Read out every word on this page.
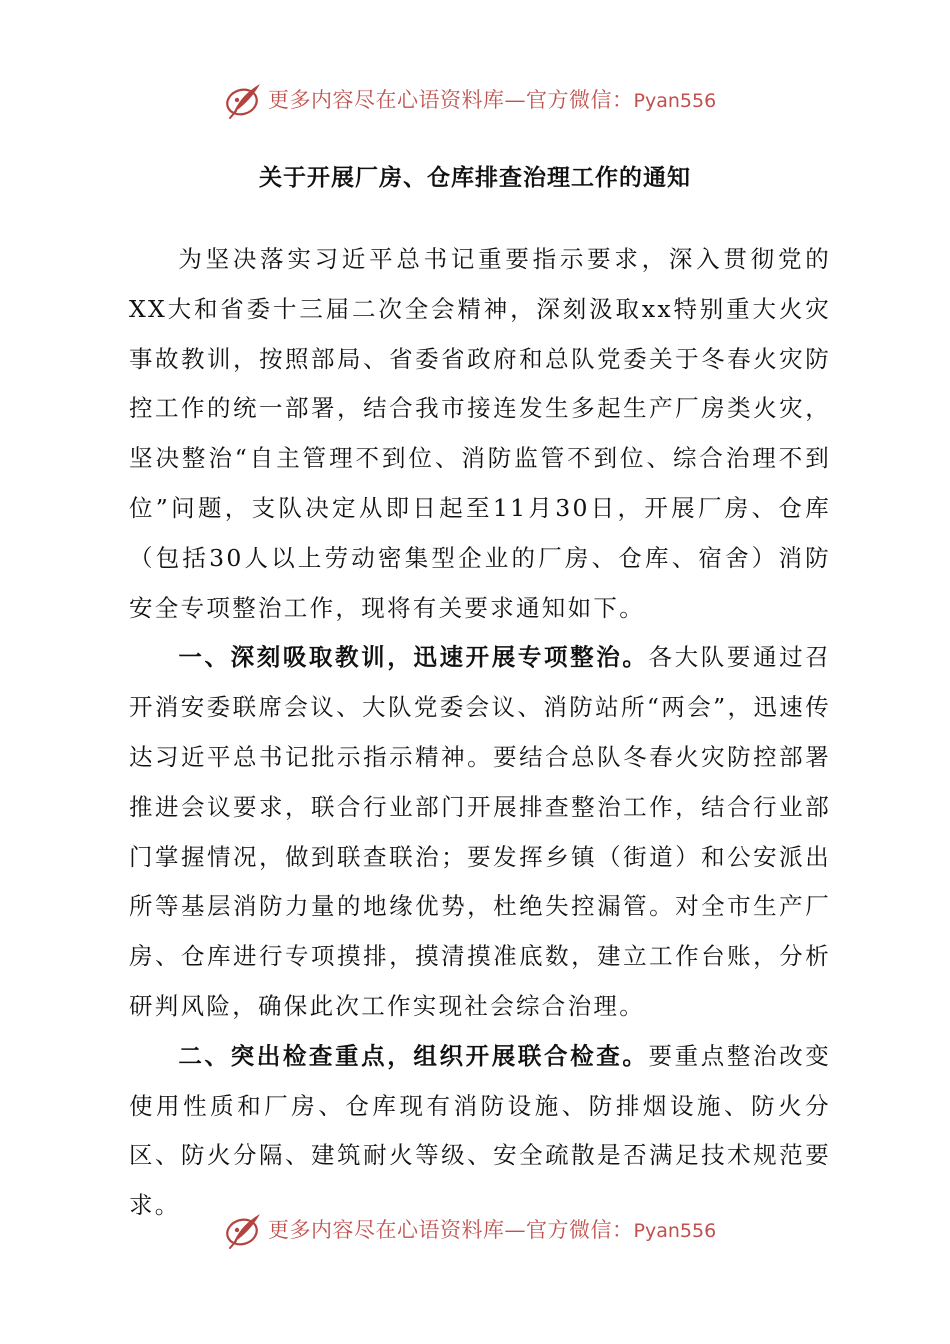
更多内容尽在心语资料库—官方微信：Pyan556
关于开展厂房、仓库排查治理工作的通知

为坚决落实习近平总书记重要指示要求，深入贯彻党的XX大和省委十三届二次全会精神，深刻汲取xx特别重大火灾事故教训，按照部局、省委省政府和总队党委关于冬春火灾防控工作的统一部署，结合我市接连发生多起生产厂房类火灾，坚决整治“自主管理不到位、消防监管不到位、综合治理不到位”问题，支队决定从即日起至11月30日，开展厂房、仓库（包括30人以上劳动密集型企业的厂房、仓库、宿舍）消防安全专项整治工作，现将有关要求通知如下。

一、深刻吸取教训，迅速开展专项整治。各大队要通过召开消安委联席会议、大队党委会议、消防站所“两会”，迅速传达习近平总书记批示指示精神。要结合总队冬春火灾防控部署推进会议要求，联合行业部门开展排查整治工作，结合行业部门掌握情况，做到联查联治；要发挥乡镇（街道）和公安派出所等基层消防力量的地缘优势，杜绝失控漏管。对全市生产厂房、仓库进行专项摸排，摸清摸准底数，建立工作台账，分析研判风险，确保此次工作实现社会综合治理。

二、突出检查重点，组织开展联合检查。要重点整治改变使用性质和厂房、仓库现有消防设施、防排烟设施、防火分区、防火分隔、建筑耐火等级、安全疏散是否满足技术规范要求。

更多内容尽在心语资料库—官方微信：Pyan556
